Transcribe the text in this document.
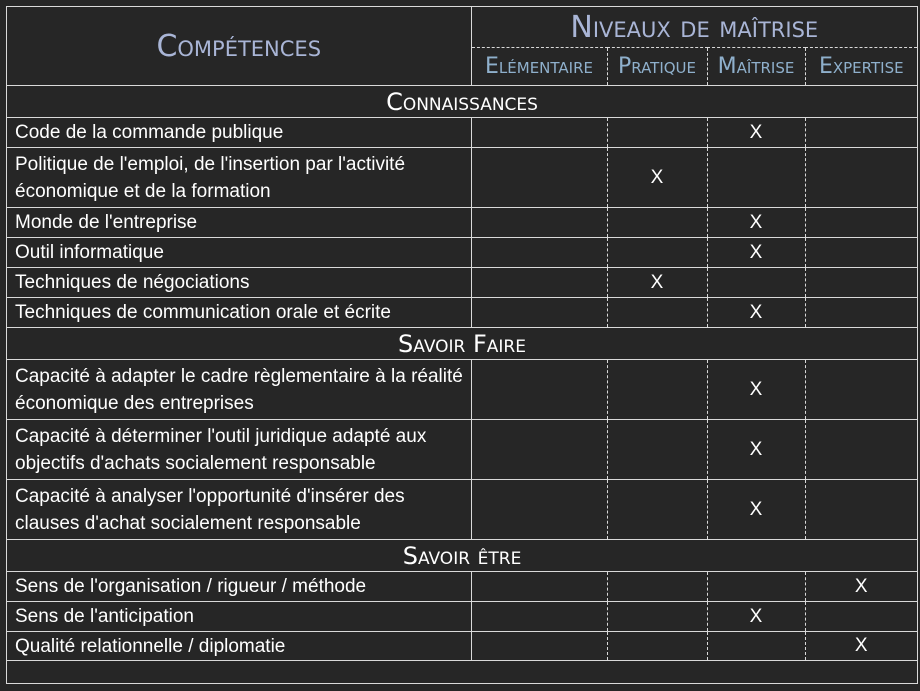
Compétences	Niveaux de maîtrise			
	Elémentaire	Pratique	Maîtrise	Expertise
Connaissances				
Code de la commande publique			X	
Politique de l'emploi, de l'insertion par l'activité économique et de la formation		X		
Monde de l'entreprise			X	
Outil informatique			X	
Techniques de négociations		X		
Techniques de communication orale et écrite			X	
Savoir Faire				
Capacité à adapter le cadre règlementaire à la réalité économique des entreprises			X	
Capacité à déterminer l'outil juridique adapté aux objectifs d'achats socialement responsable			X	
Capacité à analyser l'opportunité d'insérer des clauses d'achat socialement responsable			X	
Savoir être				
Sens de l'organisation / rigueur / méthode				X
Sens de l'anticipation			X	
Qualité relationnelle / diplomatie				X
